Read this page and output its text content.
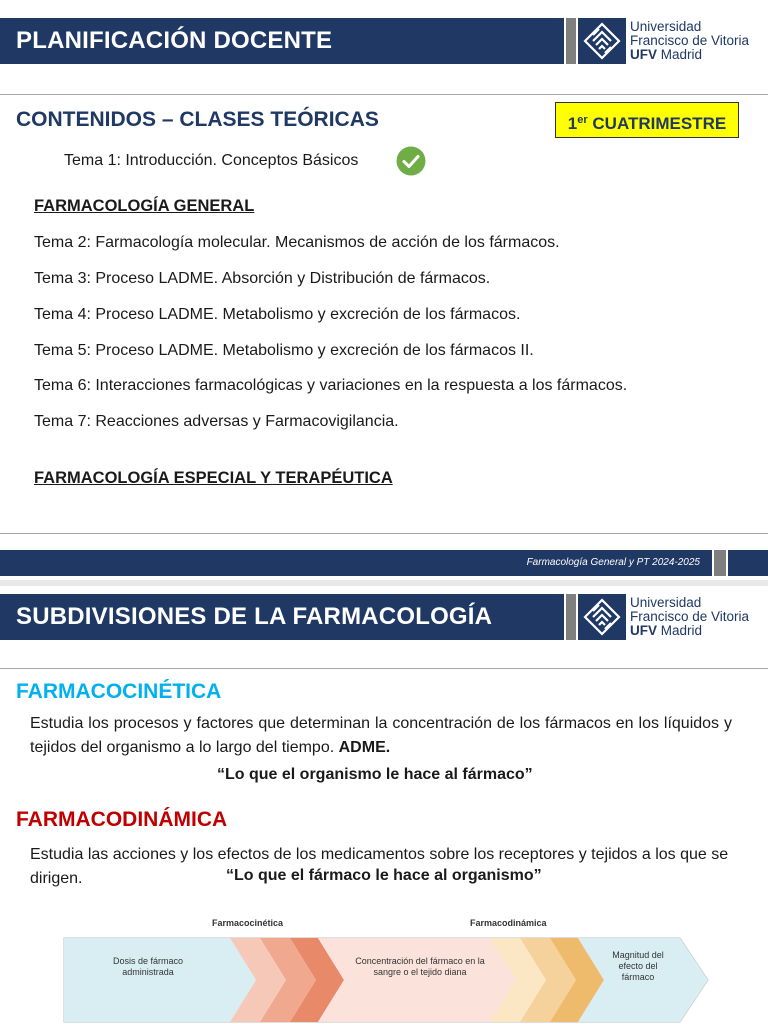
PLANIFICACIÓN DOCENTE
Universidad
Francisco de Vitoria
UFV Madrid
CONTENIDOS – CLASES TEÓRICAS	1er CUATRIMESTRE
Tema 1: Introducción. Conceptos Básicos
FARMACOLOGÍA GENERAL
Tema 2: Farmacología molecular. Mecanismos de acción de los fármacos.
Tema 3: Proceso LADME. Absorción y Distribución de fármacos.
Tema 4: Proceso LADME. Metabolismo y excreción de los fármacos.
Tema 5: Proceso LADME. Metabolismo y excreción de los fármacos II.
Tema 6: Interacciones farmacológicas y variaciones en la respuesta a los fármacos.
Tema 7: Reacciones adversas y Farmacovigilancia.
FARMACOLOGÍA ESPECIAL Y TERAPÉUTICA
Farmacología General y PT 2024-2025
SUBDIVISIONES DE LA FARMACOLOGÍA
Universidad
Francisco de Vitoria
UFV Madrid
FARMACOCINÉTICA
Estudia los procesos y factores que determinan la concentración de los fármacos en los líquidos y tejidos del organismo a lo largo del tiempo. ADME.
“Lo que el organismo le hace al fármaco”
FARMACODINÁMICA
Estudia las acciones y los efectos de los medicamentos sobre los receptores y tejidos a los que se dirigen.	“Lo que el fármaco le hace al organismo”
Farmacocinética	Farmacodinámica
Dosis de fármaco administrada
Concentración del fármaco en la sangre o el tejido diana
Magnitud del efecto del fármaco
